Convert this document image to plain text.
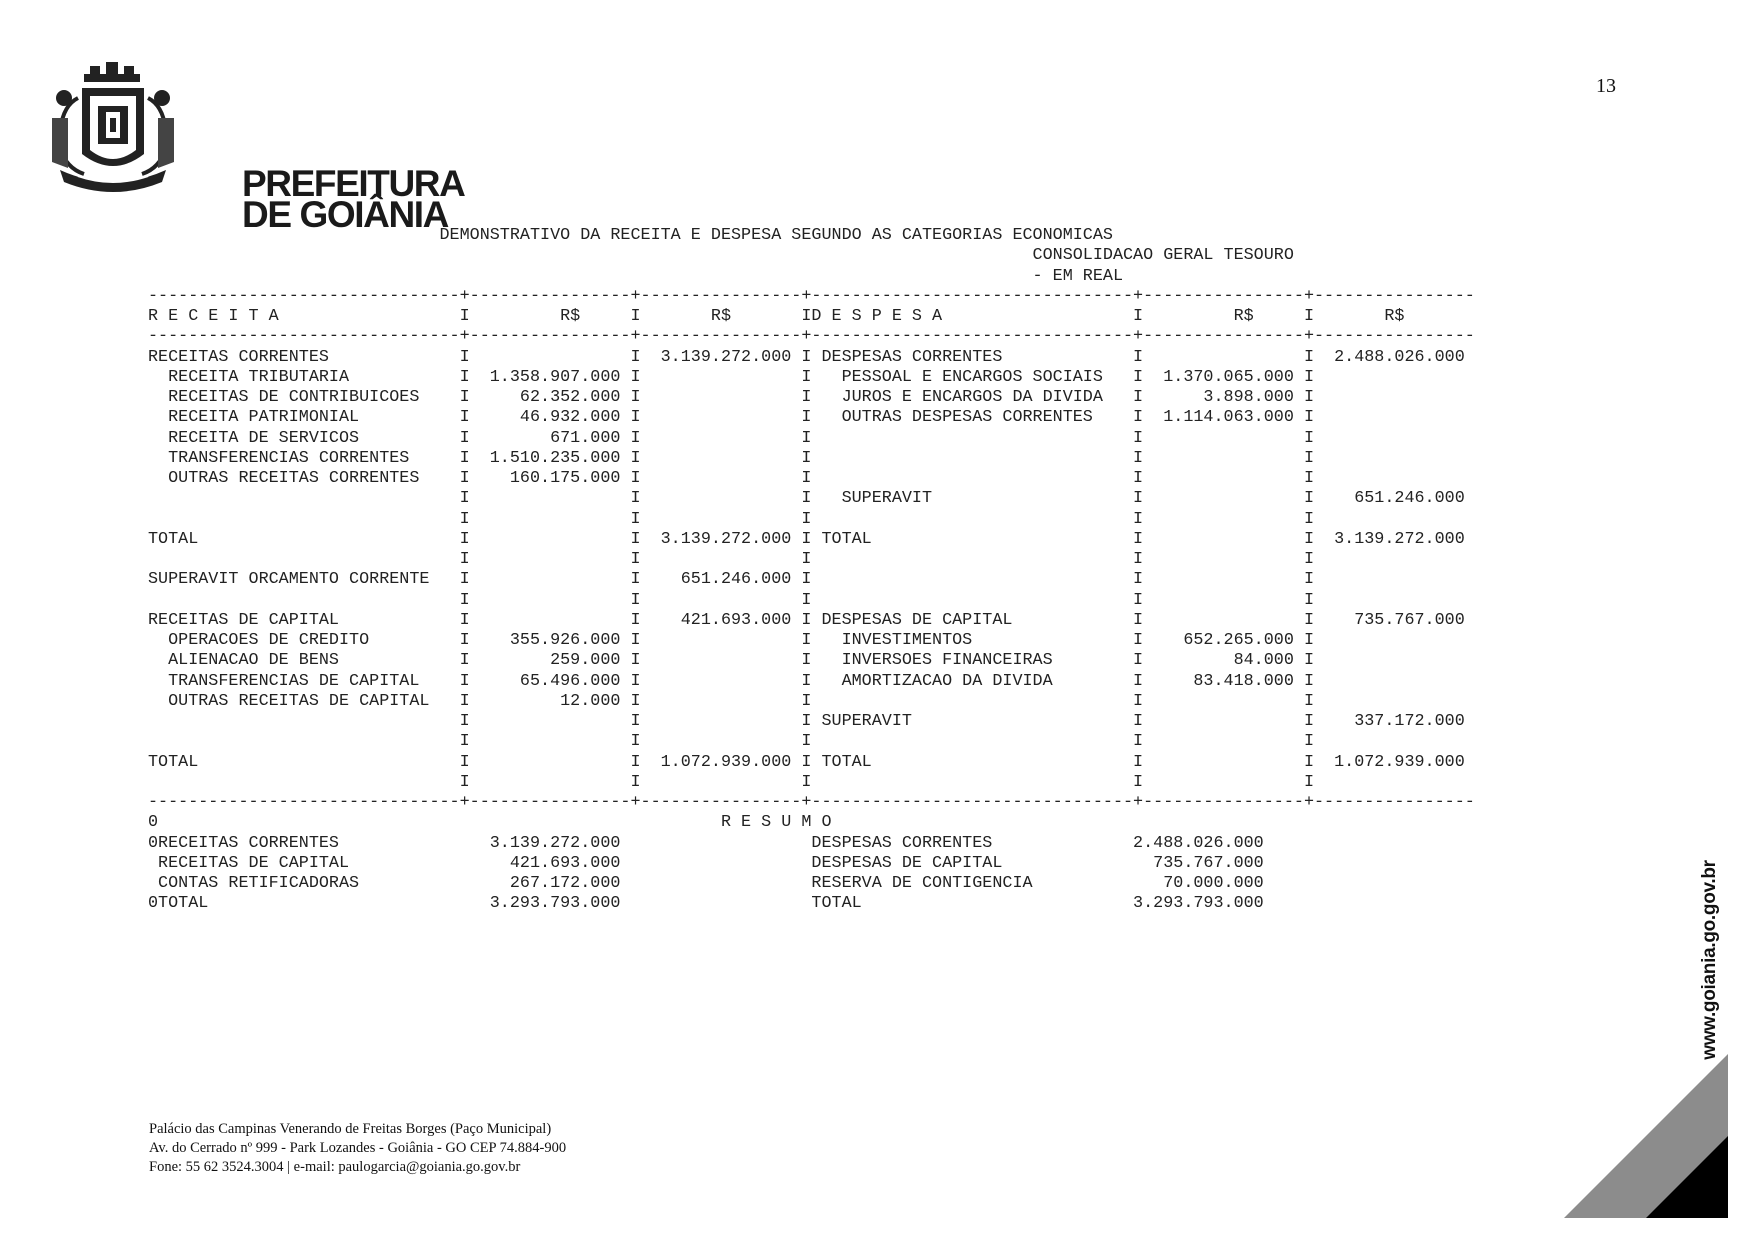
PREFEITURA
DE GOIÂNIA
13
DEMONSTRATIVO DA RECEITA E DESPESA SEGUNDO AS CATEGORIAS ECONOMICAS
CONSOLIDACAO GERAL TESOURO
- EM REAL
-------------------------------+----------------+----------------+--------------------------------+----------------+----------------
R E C E I T A                  I         R$     I       R$       ID E S P E S A                   I         R$     I       R$
-------------------------------+----------------+----------------+--------------------------------+----------------+----------------
RECEITAS CORRENTES             I                I  3.139.272.000 I DESPESAS CORRENTES             I                I  2.488.026.000
RECEITA TRIBUTARIA           I  1.358.907.000 I                I   PESSOAL E ENCARGOS SOCIAIS   I  1.370.065.000 I
RECEITAS DE CONTRIBUICOES    I     62.352.000 I                I   JUROS E ENCARGOS DA DIVIDA   I      3.898.000 I
RECEITA PATRIMONIAL          I     46.932.000 I                I   OUTRAS DESPESAS CORRENTES    I  1.114.063.000 I
RECEITA DE SERVICOS          I        671.000 I                I                                I                I
TRANSFERENCIAS CORRENTES     I  1.510.235.000 I                I                                I                I
OUTRAS RECEITAS CORRENTES    I    160.175.000 I                I                                I                I
I                I                I   SUPERAVIT                    I                I    651.246.000
I                I                I                                I                I
TOTAL                          I                I  3.139.272.000 I TOTAL                          I                I  3.139.272.000
I                I                I                                I                I
SUPERAVIT ORCAMENTO CORRENTE   I                I    651.246.000 I                                I                I
I                I                I                                I                I
RECEITAS DE CAPITAL            I                I    421.693.000 I DESPESAS DE CAPITAL            I                I    735.767.000
OPERACOES DE CREDITO         I    355.926.000 I                I   INVESTIMENTOS                I    652.265.000 I
ALIENACAO DE BENS            I        259.000 I                I   INVERSOES FINANCEIRAS        I         84.000 I
TRANSFERENCIAS DE CAPITAL    I     65.496.000 I                I   AMORTIZACAO DA DIVIDA        I     83.418.000 I
OUTRAS RECEITAS DE CAPITAL   I         12.000 I                I                                I                I
I                I                I SUPERAVIT                      I                I    337.172.000
I                I                I                                I                I
TOTAL                          I                I  1.072.939.000 I TOTAL                          I                I  1.072.939.000
I                I                I                                I                I
-------------------------------+----------------+----------------+--------------------------------+----------------+----------------
0                                                        R E S U M O
0RECEITAS CORRENTES               3.139.272.000                   DESPESAS CORRENTES              2.488.026.000
RECEITAS DE CAPITAL                421.693.000                   DESPESAS DE CAPITAL               735.767.000
CONTAS RETIFICADORAS               267.172.000                   RESERVA DE CONTIGENCIA             70.000.000
0TOTAL                            3.293.793.000                   TOTAL                           3.293.793.000
Palácio das Campinas Venerando de Freitas Borges (Paço Municipal)
Av. do Cerrado nº 999 - Park Lozandes - Goiânia - GO CEP 74.884-900
Fone: 55 62 3524.3004 | e-mail: paulogarcia@goiania.go.gov.br
www.goiania.go.gov.br
